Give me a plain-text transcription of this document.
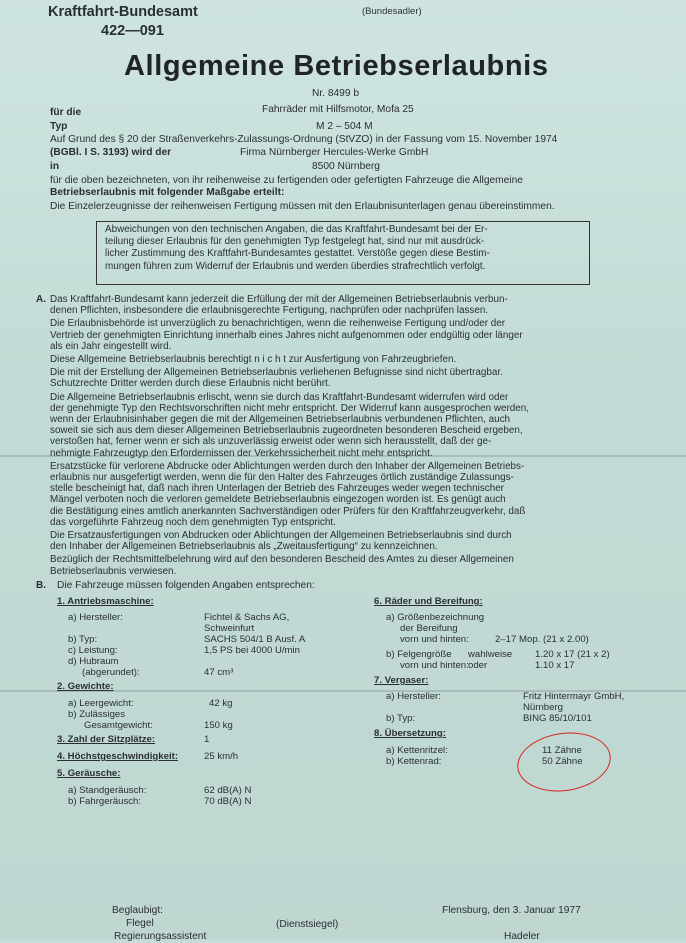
Kraftfahrt-Bundesamt
422—091
(Bundesadler)
Allgemeine Betriebserlaubnis
Nr. 8499 b
für die	Fahrräder mit Hilfsmotor, Mofa 25
Typ	M 2 – 504 M
Auf Grund des § 20 der Straßenverkehrs-Zulassungs-Ordnung (StVZO) in der Fassung vom 15. November 1974
(BGBl. I S. 3193) wird der	Firma Nürnberger Hercules-Werke GmbH
in	8500 Nürnberg
für die oben bezeichneten, von ihr reihenweise zu fertigenden oder gefertigten Fahrzeuge die Allgemeine
Betriebserlaubnis mit folgender Maßgabe erteilt:
Die Einzelerzeugnisse der reihenweisen Fertigung müssen mit den Erlaubnisunterlagen genau übereinstimmen.

Abweichungen von den technischen Angaben, die das Kraftfahrt-Bundesamt bei der Er-

teilung dieser Erlaubnis für den genehmigten Typ festgelegt hat, sind nur mit ausdrück-

licher Zustimmung des Kraftfahrt-Bundesamtes gestattet. Verstöße gegen diese Bestim-

mungen führen zum Widerruf der Erlaubnis und werden überdies strafrechtlich verfolgt.

A. Das Kraftfahrt-Bundesamt kann jederzeit die Erfüllung der mit der Allgemeinen Betriebserlaubnis verbun-
denen Pflichten, insbesondere die erlaubnisgerechte Fertigung, nachprüfen oder nachprüfen lassen.

Die Erlaubnisbehörde ist unverzüglich zu benachrichtigen, wenn die reihenweise Fertigung und/oder der
Vertrieb der genehmigten Einrichtung innerhalb eines Jahres nicht aufgenommen oder endgültig oder länger
als ein Jahr eingestellt wird.

Diese Allgemeine Betriebserlaubnis berechtigt n i c h t zur Ausfertigung von Fahrzeugbriefen.

Die mit der Erstellung der Allgemeinen Betriebserlaubnis verliehenen Befugnisse sind nicht übertragbar.
Schutzrechte Dritter werden durch diese Erlaubnis nicht berührt.

Die Allgemeine Betriebserlaubnis erlischt, wenn sie durch das Kraftfahrt-Bundesamt widerrufen wird oder
der genehmigte Typ den Rechtsvorschriften nicht mehr entspricht. Der Widerruf kann ausgesprochen werden,
wenn der Erlaubnisinhaber gegen die mit der Allgemeinen Betriebserlaubnis verbundenen Pflichten, auch
soweit sie sich aus dem dieser Allgemeinen Betriebserlaubnis zugeordneten besonderen Bescheid ergeben,
verstoßen hat, ferner wenn er sich als unzuverlässig erweist oder wenn sich herausstellt, daß der ge-
nehmigte Fahrzeugtyp den Erfordernissen der Verkehrssicherheit nicht mehr entspricht.

Ersatzstücke für verlorene Abdrucke oder Ablichtungen werden durch den Inhaber der Allgemeinen Betriebs-
erlaubnis nur ausgefertigt werden, wenn die für den Halter des Fahrzeuges örtlich zuständige Zulassungs-
stelle bescheinigt hat, daß nach ihren Unterlagen der Betrieb des Fahrzeuges weder wegen technischer
Mängel verboten noch die verloren gemeldete Betriebserlaubnis eingezogen worden ist. Es genügt auch
die Bestätigung eines amtlich anerkannten Sachverständigen oder Prüfers für den Kraftfahrzeugverkehr, daß
das vorgeführte Fahrzeug noch dem genehmigten Typ entspricht.

Die Ersatzausfertigungen von Abdrucken oder Ablichtungen der Allgemeinen Betriebserlaubnis sind durch
den Inhaber der Allgemeinen Betriebserlaubnis als „Zweitausfertigung“ zu kennzeichnen.

Bezüglich der Rechtsmittelbelehrung wird auf den besonderen Bescheid des Amtes zu dieser Allgemeinen
Betriebserlaubnis verwiesen.

B. Die Fahrzeuge müssen folgenden Angaben entsprechen:
1. Antriebsmaschine:
a) Hersteller:	Fichtel & Sachs AG,
Schweinfurt
b) Typ:	SACHS 504/1 B Ausf. A
c) Leistung:	1,5 PS bei 4000 U/min
d) Hubraum
(abgerundet):	47 cm³
2. Gewichte:
a) Leergewicht:	42 kg
b) Zulässiges
Gesamtgewicht:	150 kg
3. Zahl der Sitzplätze:	1
4. Höchstgeschwindigkeit:	25 km/h
5. Geräusche:
a) Standgeräusch:	62 dB(A) N
b) Fahrgeräusch:	70 dB(A) N
6. Räder und Bereifung:
a) Größenbezeichnung
der Bereifung
vorn und hinten:	2–17 Mop. (21 x 2.00)
b) Felgengröße wahlweise 1.20 x 17 (21 x 2)
vorn und hinten: oder	1.10 x 17
7. Vergaser:
a) Hersteller:	Fritz Hintermayr GmbH,
Nürnberg
b) Typ:	BING 85/10/101
8. Übersetzung:
a) Kettenritzel:	11 Zähne
b) Kettenrad:	50 Zähne
Beglaubigt:
Flegel
Regierungsassistent
(Dienstsiegel)
Flensburg, den 3. Januar 1977
Hadeler
